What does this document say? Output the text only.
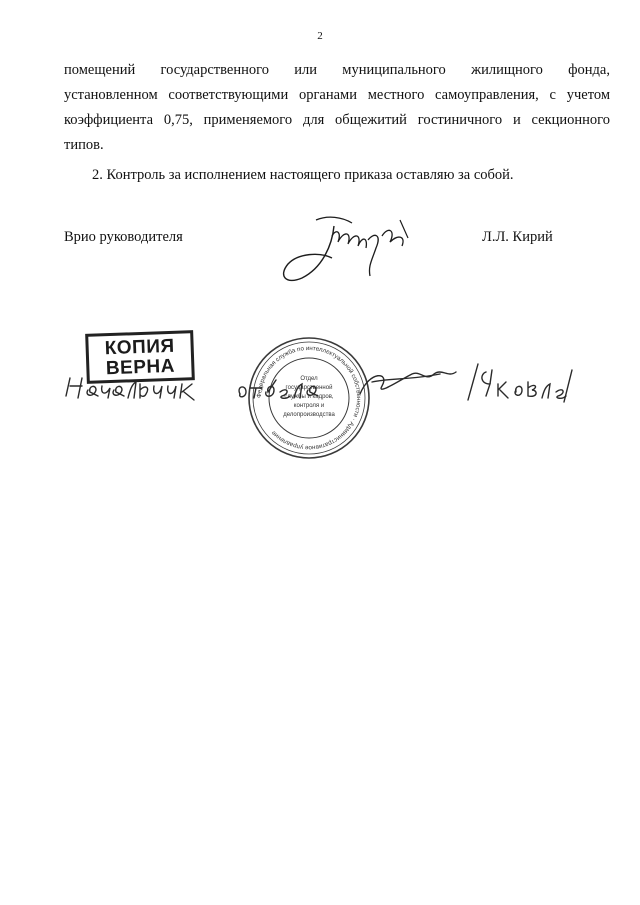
2
помещений государственного или муниципального жилищного фонда,
установленном соответствующими органами местного самоуправления, с учетом
коэффициента 0,75, применяемого для общежитий гостиничного и секционного
типов.
2. Контроль за исполнением настоящего приказа оставляю за собой.
Врио руководителя	Л.Л. Кирий
КОПИЯ
ВЕРНА
Федеральная служба по интеллектуальной собственности · Административное управление
Отдел
государственной
службы и кадров,
контроля и
делопроизводства
